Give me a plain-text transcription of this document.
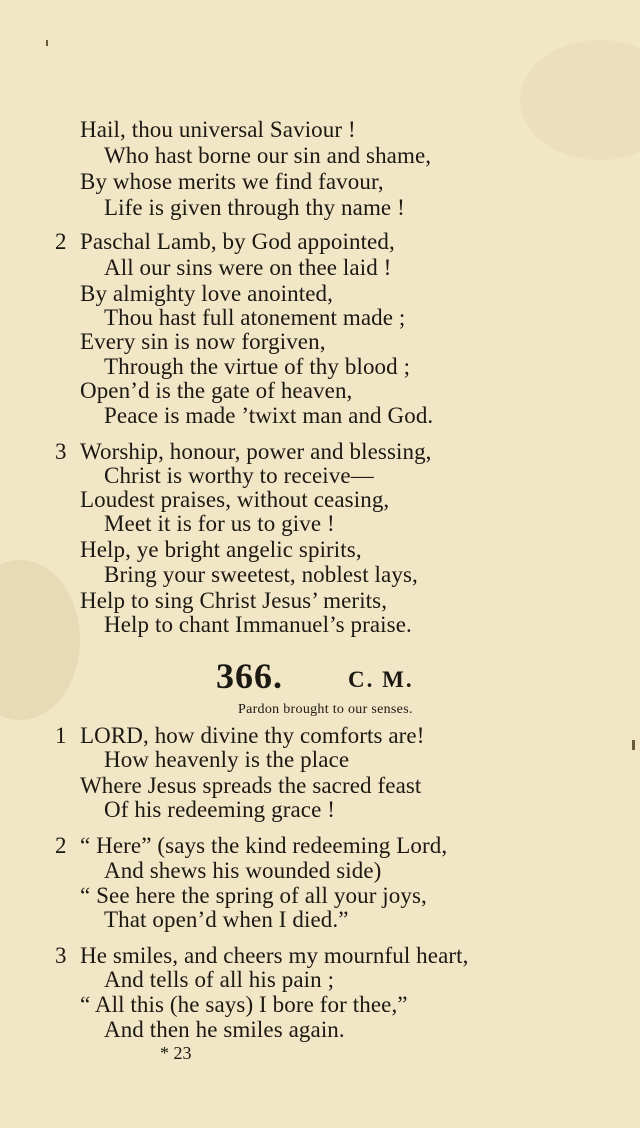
Hail, thou universal Saviour !
Who hast borne our sin and shame,
By whose merits we find favour,
Life is given through thy name !
2 Paschal Lamb, by God appointed,
All our sins were on thee laid !
By almighty love anointed,
Thou hast full atonement made ;
Every sin is now forgiven,
Through the virtue of thy blood ;
Open’d is the gate of heaven,
Peace is made ’twixt man and God.
3 Worship, honour, power and blessing,
Christ is worthy to receive—
Loudest praises, without ceasing,
Meet it is for us to give !
Help, ye bright angelic spirits,
Bring your sweetest, noblest lays,
Help to sing Christ Jesus’ merits,
Help to chant Immanuel’s praise.
366.	C. M.
Pardon brought to our senses.
1 LORD, how divine thy comforts are!
How heavenly is the place
Where Jesus spreads the sacred feast
Of his redeeming grace !
2 “ Here” (says the kind redeeming Lord,
And shews his wounded side)
“ See here the spring of all your joys,
That open’d when I died.”
3 He smiles, and cheers my mournful heart,
And tells of all his pain ;
“ All this (he says) I bore for thee,”
And then he smiles again.
* 23
